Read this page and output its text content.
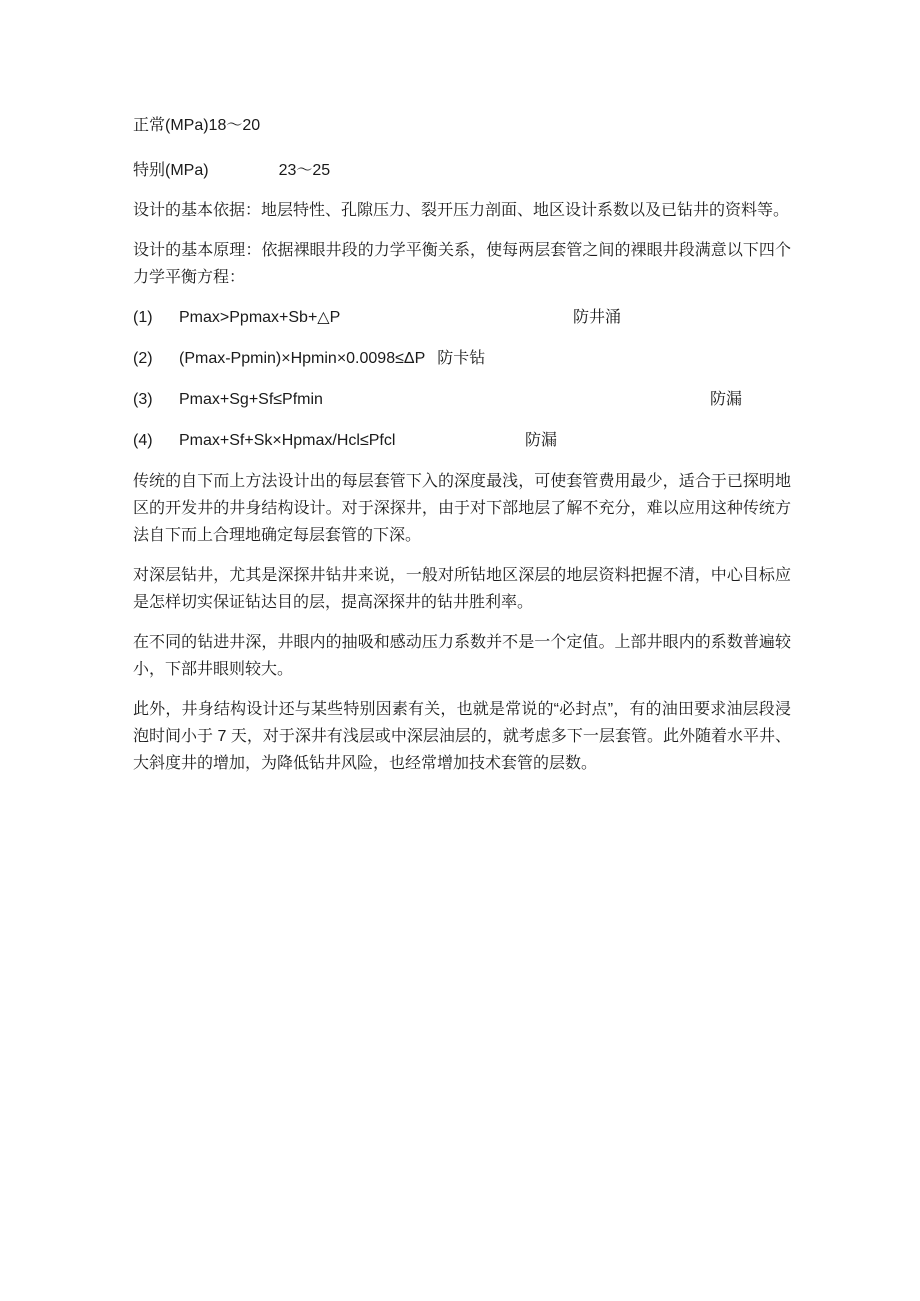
正常(MPa)18～20

特别(MPa)	23～25

设计的基本依据：地层特性、孔隙压力、裂开压力剖面、地区设计系数以及已钻井的资料等。

设计的基本原理：依据裸眼井段的力学平衡关系，使每两层套管之间的裸眼井段满意以下四个力学平衡方程：

(1) Pmax>Ppmax+Sb+△P	防井涌
(2) (Pmax-Ppmin)×Hpmin×0.0098≤ΔP 防卡钻
(3) Pmax+Sg+Sf≤Pfmin	防漏
(4) Pmax+Sf+Sk×Hpmax/Hcl≤Pfcl	防漏

传统的自下而上方法设计出的每层套管下入的深度最浅，可使套管费用最少，适合于已探明地区的开发井的井身结构设计。对于深探井，由于对下部地层了解不充分，难以应用这种传统方法自下而上合理地确定每层套管的下深。

对深层钻井，尤其是深探井钻井来说，一般对所钻地区深层的地层资料把握不清，中心目标应是怎样切实保证钻达目的层，提高深探井的钻井胜利率。

在不同的钻进井深，井眼内的抽吸和感动压力系数并不是一个定值。上部井眼内的系数普遍较小，下部井眼则较大。

此外，井身结构设计还与某些特别因素有关，也就是常说的“必封点”，有的油田要求油层段浸泡时间小于 7 天，对于深井有浅层或中深层油层的，就考虑多下一层套管。此外随着水平井、大斜度井的增加，为降低钻井风险，也经常增加技术套管的层数。
